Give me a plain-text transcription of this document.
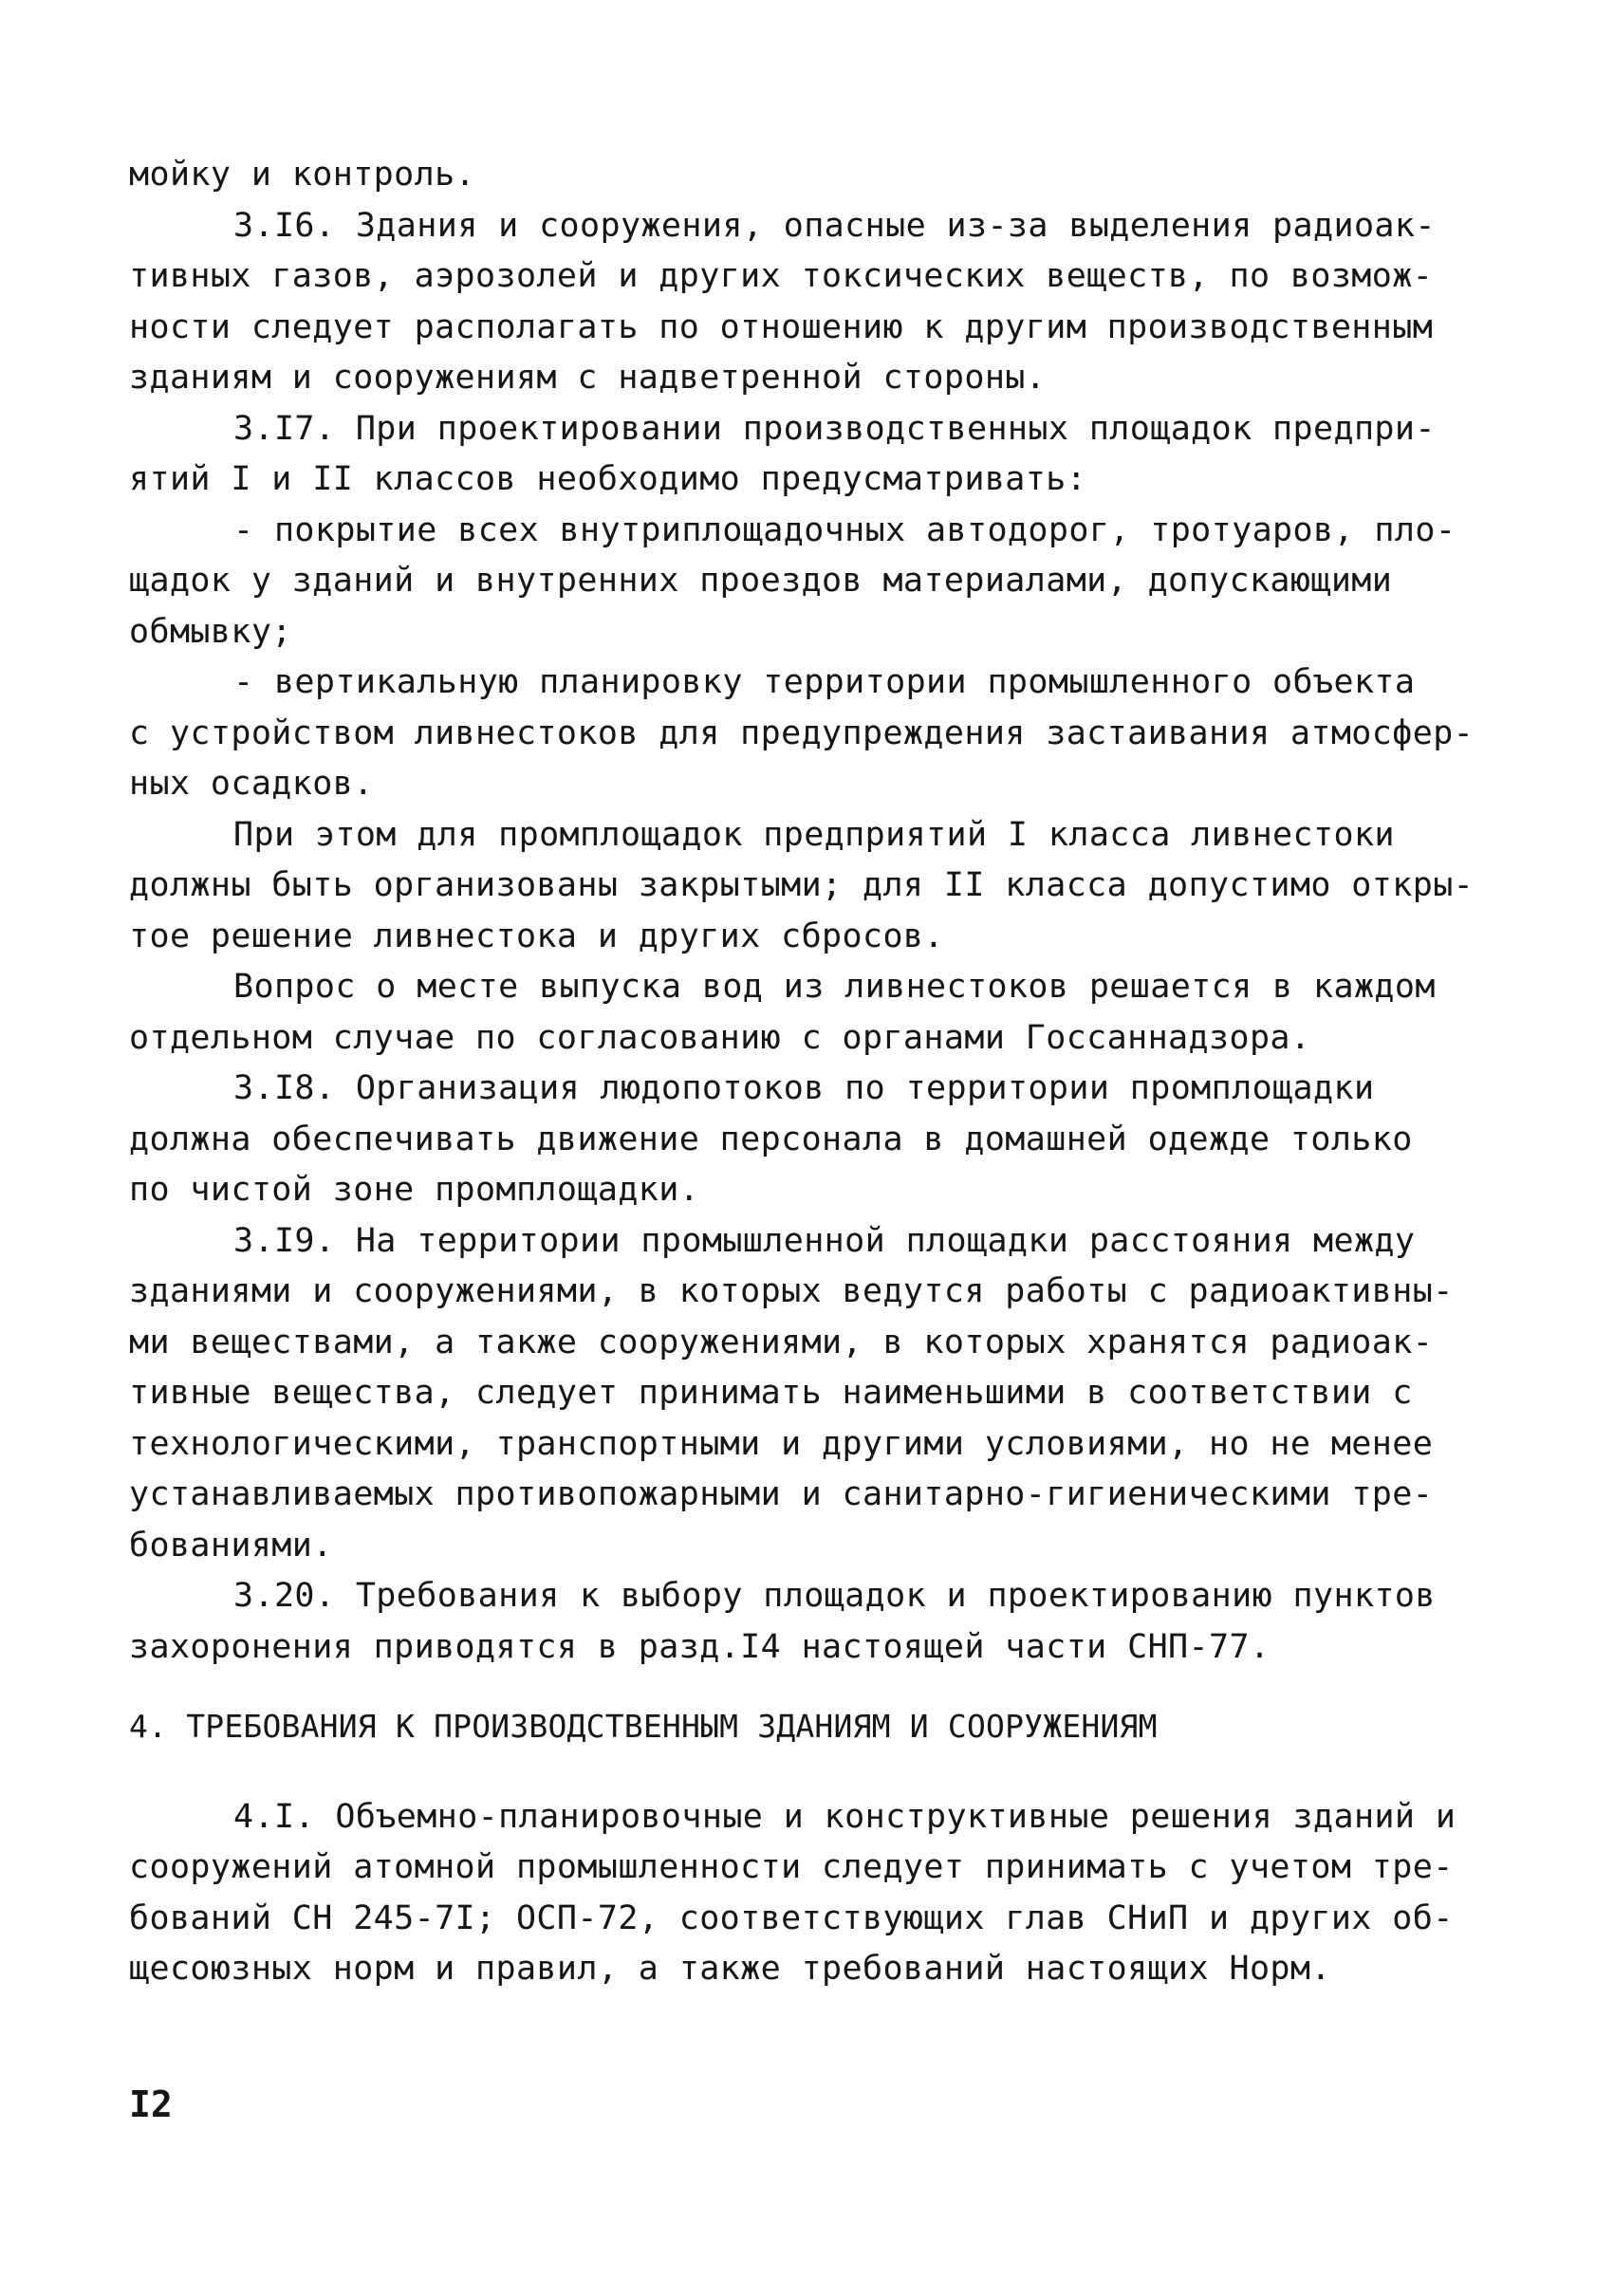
мойку и контроль.
3.I6. Здания и сооружения, опасные из-за выделения радиоак-
тивных газов, аэрозолей и других токсических веществ, по возмож-
ности следует располагать по отношению к другим производственным
зданиям и сооружениям с надветренной стороны.
3.I7. При проектировании производственных площадок предпри-
ятий I и II классов необходимо предусматривать:
- покрытие всех внутриплощадочных автодорог, тротуаров, пло-
щадок у зданий и внутренних проездов материалами, допускающими
обмывку;
- вертикальную планировку территории промышленного объекта
с устройством ливнестоков для предупреждения застаивания атмосфер-
ных осадков.
При этом для промплощадок предприятий I класса ливнестоки
должны быть организованы закрытыми; для II класса допустимо откры-
тое решение ливнестока и других сбросов.
Вопрос о месте выпуска вод из ливнестоков решается в каждом
отдельном случае по согласованию с органами Госсаннадзора.
3.I8. Организация людопотоков по территории промплощадки
должна обеспечивать движение персонала в домашней одежде только
по чистой зоне промплощадки.
3.I9. На территории промышленной площадки расстояния между
зданиями и сооружениями, в которых ведутся работы с радиоактивны-
ми веществами, а также сооружениями, в которых хранятся радиоак-
тивные вещества, следует принимать наименьшими в соответствии с
технологическими, транспортными и другими условиями, но не менее
устанавливаемых противопожарными и санитарно-гигиеническими тре-
бованиями.
3.20. Требования к выбору площадок и проектированию пунктов
захоронения приводятся в разд.I4 настоящей части СНП-77.
4. ТРЕБОВАНИЯ К ПРОИЗВОДСТВЕННЫМ ЗДАНИЯМ И СООРУЖЕНИЯМ
4.I. Объемно-планировочные и конструктивные решения зданий и
сооружений атомной промышленности следует принимать с учетом тре-
бований СН 245-7I; ОСП-72, соответствующих глав СНиП и других об-
щесоюзных норм и правил, а также требований настоящих Норм.
I2
